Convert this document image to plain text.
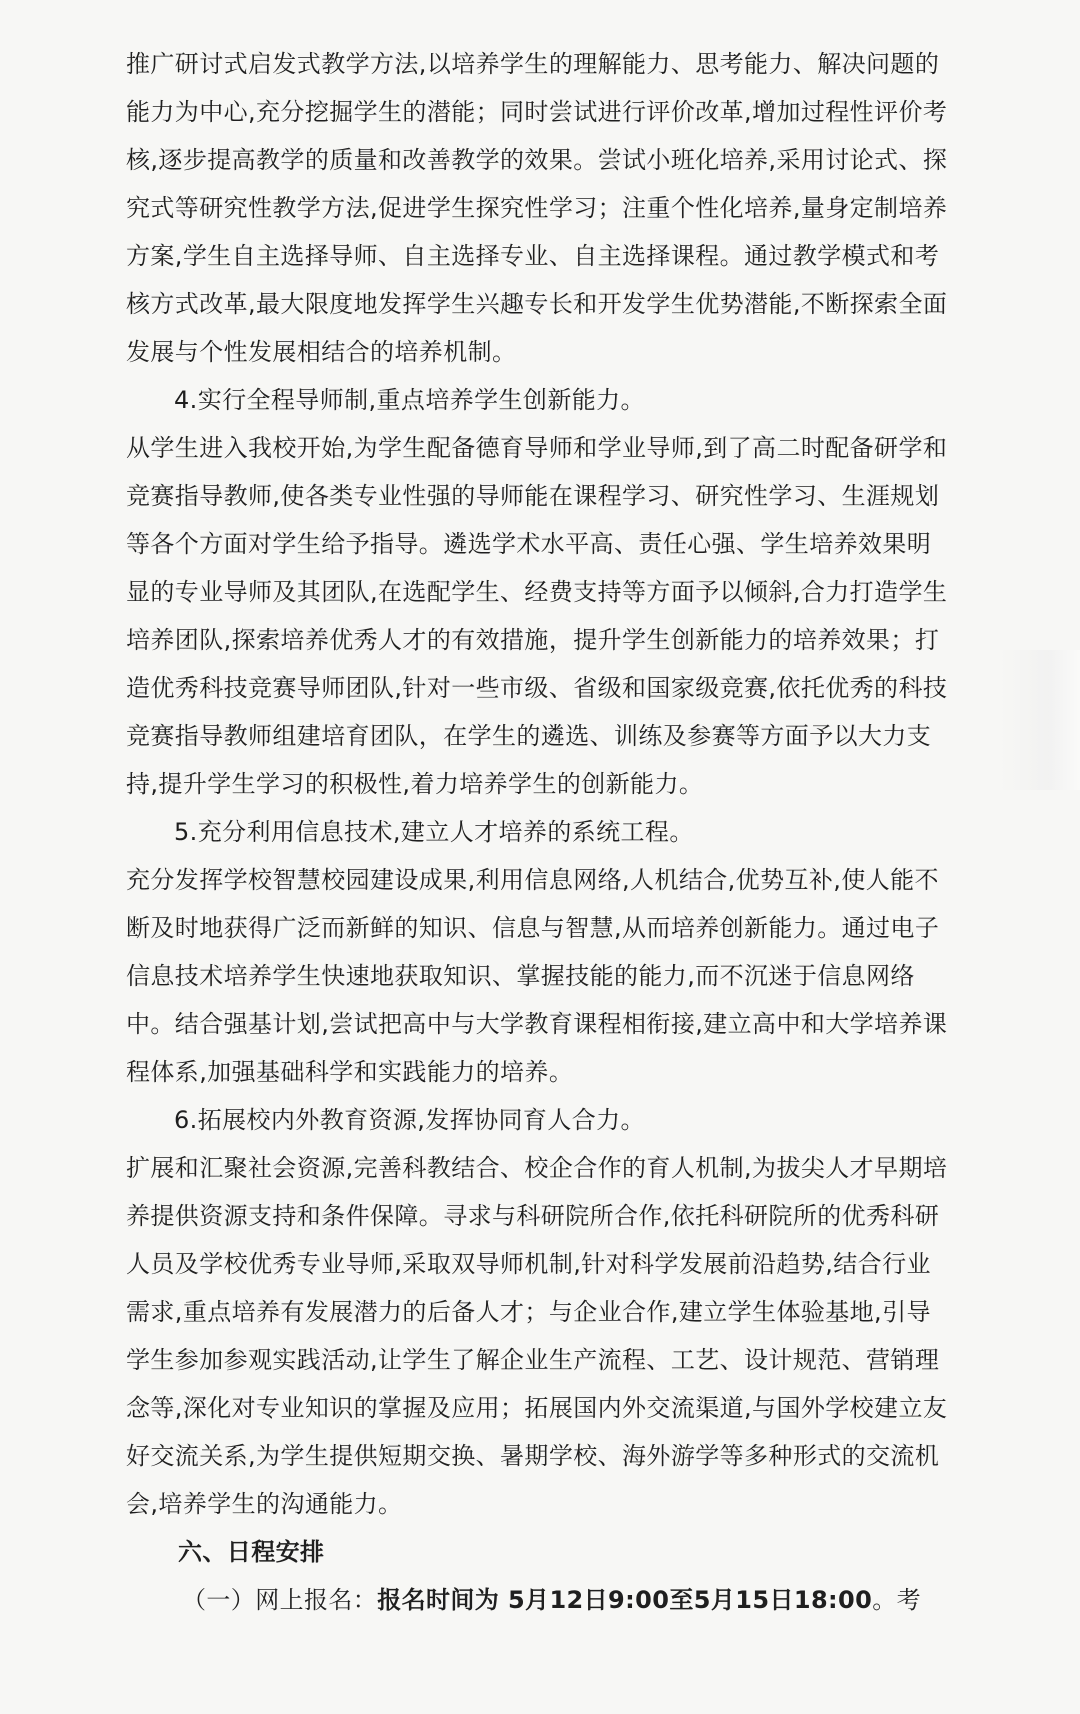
推广研讨式启发式教学方法,以培养学生的理解能力、思考能力、解决问题的能力为中心,充分挖掘学生的潜能；同时尝试进行评价改革,增加过程性评价考核,逐步提高教学的质量和改善教学的效果。尝试小班化培养,采用讨论式、探究式等研究性教学方法,促进学生探究性学习；注重个性化培养,量身定制培养方案,学生自主选择导师、自主选择专业、自主选择课程。通过教学模式和考核方式改革,最大限度地发挥学生兴趣专长和开发学生优势潜能,不断探索全面发展与个性发展相结合的培养机制。

4.实行全程导师制,重点培养学生创新能力。

从学生进入我校开始,为学生配备德育导师和学业导师,到了高二时配备研学和竞赛指导教师,使各类专业性强的导师能在课程学习、研究性学习、生涯规划等各个方面对学生给予指导。遴选学术水平高、责任心强、学生培养效果明显的专业导师及其团队,在选配学生、经费支持等方面予以倾斜,合力打造学生培养团队,探索培养优秀人才的有效措施，提升学生创新能力的培养效果；打造优秀科技竞赛导师团队,针对一些市级、省级和国家级竞赛,依托优秀的科技竞赛指导教师组建培育团队，在学生的遴选、训练及参赛等方面予以大力支持,提升学生学习的积极性,着力培养学生的创新能力。

5.充分利用信息技术,建立人才培养的系统工程。

充分发挥学校智慧校园建设成果,利用信息网络,人机结合,优势互补,使人能不断及时地获得广泛而新鲜的知识、信息与智慧,从而培养创新能力。通过电子信息技术培养学生快速地获取知识、掌握技能的能力,而不沉迷于信息网络中。结合强基计划,尝试把高中与大学教育课程相衔接,建立高中和大学培养课程体系,加强基础科学和实践能力的培养。

6.拓展校内外教育资源,发挥协同育人合力。

扩展和汇聚社会资源,完善科教结合、校企合作的育人机制,为拔尖人才早期培养提供资源支持和条件保障。寻求与科研院所合作,依托科研院所的优秀科研人员及学校优秀专业导师,采取双导师机制,针对科学发展前沿趋势,结合行业需求,重点培养有发展潜力的后备人才；与企业合作,建立学生体验基地,引导学生参加参观实践活动,让学生了解企业生产流程、工艺、设计规范、营销理念等,深化对专业知识的掌握及应用；拓展国内外交流渠道,与国外学校建立友好交流关系,为学生提供短期交换、暑期学校、海外游学等多种形式的交流机会,培养学生的沟通能力。

六、日程安排

（一）网上报名：报名时间为 5月12日9:00至5月15日18:00。考
